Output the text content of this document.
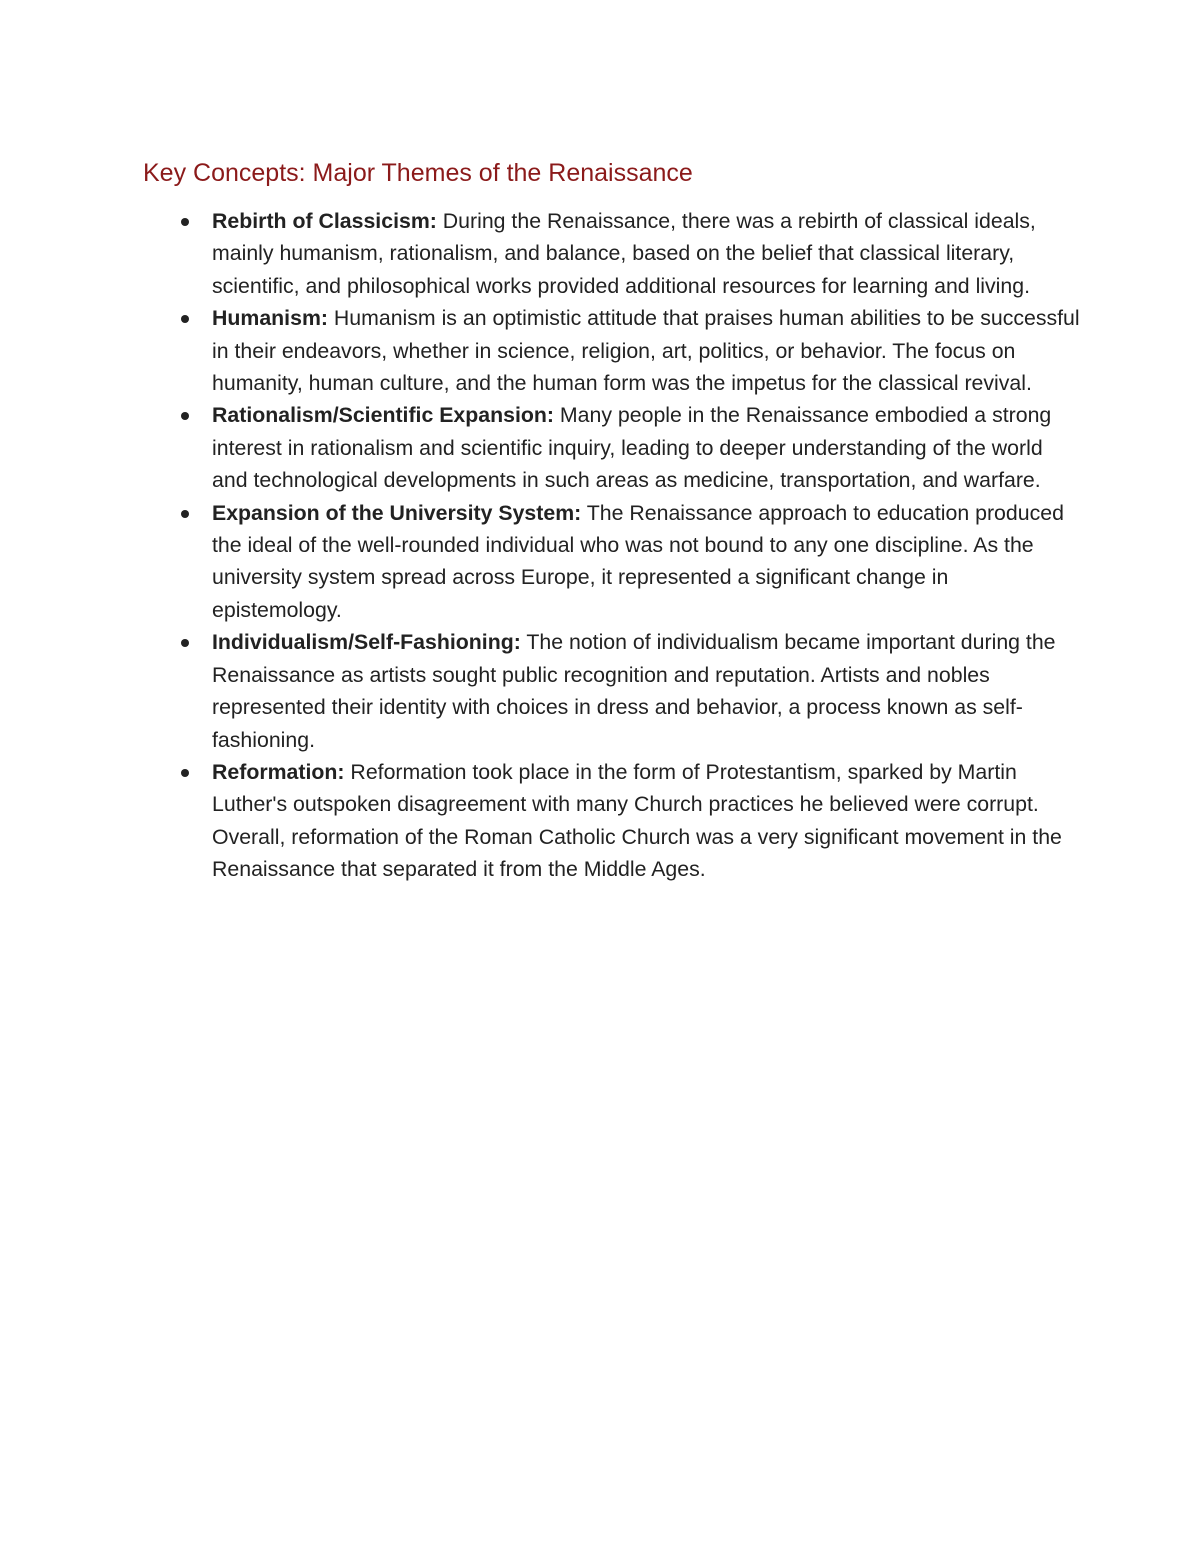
Key Concepts: Major Themes of the Renaissance
Rebirth of Classicism: During the Renaissance, there was a rebirth of classical ideals, mainly humanism, rationalism, and balance, based on the belief that classical literary, scientific, and philosophical works provided additional resources for learning and living.
Humanism: Humanism is an optimistic attitude that praises human abilities to be successful in their endeavors, whether in science, religion, art, politics, or behavior. The focus on humanity, human culture, and the human form was the impetus for the classical revival.
Rationalism/Scientific Expansion: Many people in the Renaissance embodied a strong interest in rationalism and scientific inquiry, leading to deeper understanding of the world and technological developments in such areas as medicine, transportation, and warfare.
Expansion of the University System: The Renaissance approach to education produced the ideal of the well-rounded individual who was not bound to any one discipline. As the university system spread across Europe, it represented a significant change in epistemology.
Individualism/Self-Fashioning: The notion of individualism became important during the Renaissance as artists sought public recognition and reputation. Artists and nobles represented their identity with choices in dress and behavior, a process known as self-fashioning.
Reformation: Reformation took place in the form of Protestantism, sparked by Martin Luther's outspoken disagreement with many Church practices he believed were corrupt. Overall, reformation of the Roman Catholic Church was a very significant movement in the Renaissance that separated it from the Middle Ages.
